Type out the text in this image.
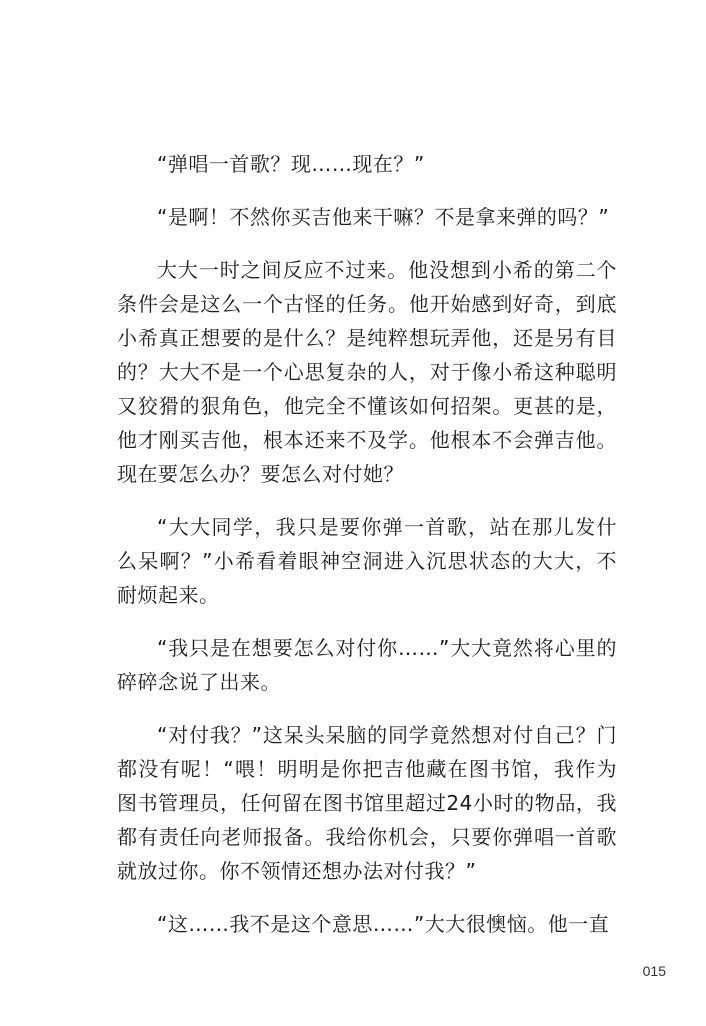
“弹唱一首歌？现……现在？”

“是啊！不然你买吉他来干嘛？不是拿来弹的吗？”

大大一时之间反应不过来。他没想到小希的第二个条件会是这么一个古怪的任务。他开始感到好奇，到底小希真正想要的是什么？是纯粹想玩弄他，还是另有目的？大大不是一个心思复杂的人，对于像小希这种聪明又狡猾的狠角色，他完全不懂该如何招架。更甚的是，他才刚买吉他，根本还来不及学。他根本不会弹吉他。现在要怎么办？要怎么对付她？

“大大同学，我只是要你弹一首歌，站在那儿发什么呆啊？”小希看着眼神空洞进入沉思状态的大大，不耐烦起来。

“我只是在想要怎么对付你……”大大竟然将心里的碎碎念说了出来。

“对付我？”这呆头呆脑的同学竟然想对付自己？门都没有呢！“喂！明明是你把吉他藏在图书馆，我作为图书管理员，任何留在图书馆里超过24小时的物品，我都有责任向老师报备。我给你机会，只要你弹唱一首歌就放过你。你不领情还想办法对付我？”

“这……我不是这个意思……”大大很懊恼。他一直

015
